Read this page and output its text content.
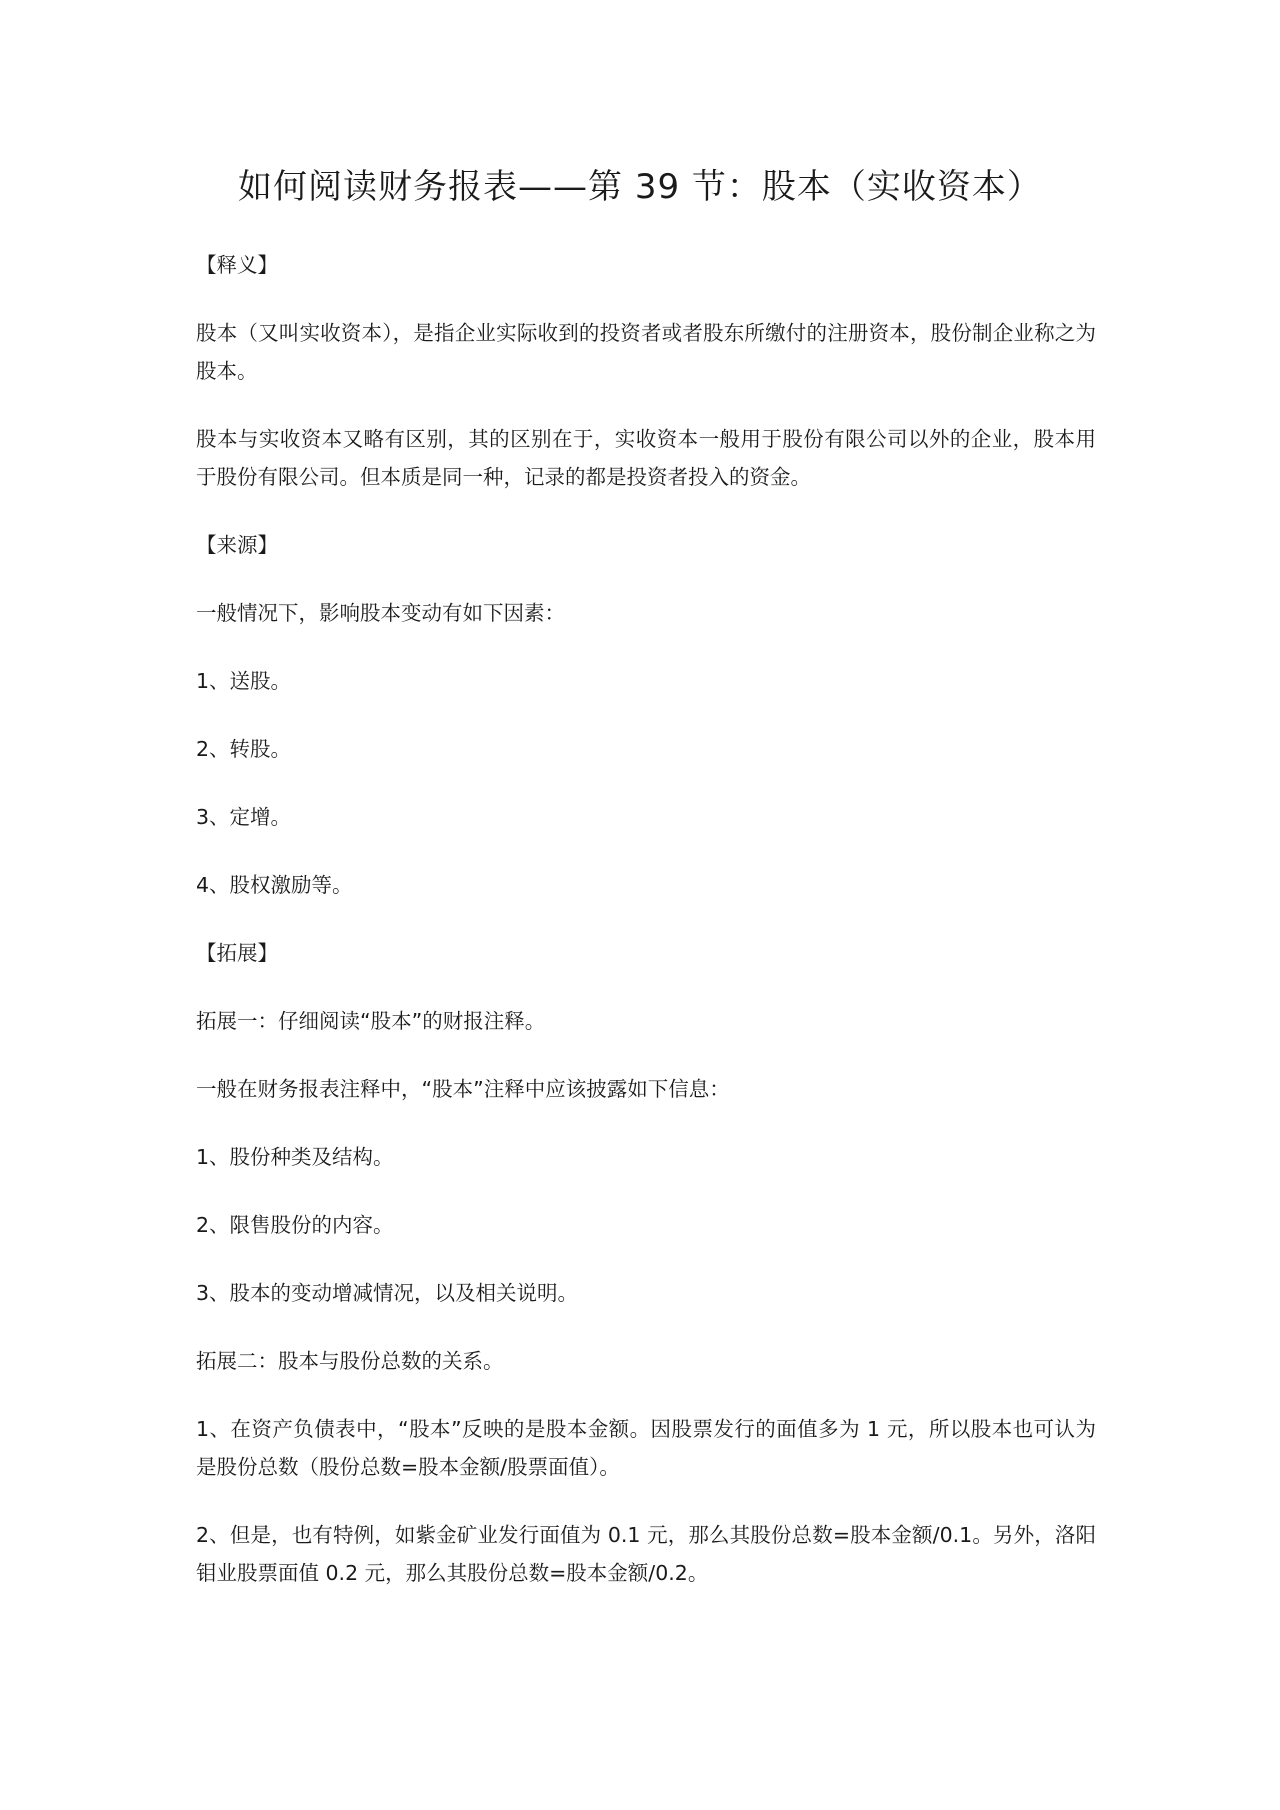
如何阅读财务报表——第 39 节：股本（实收资本）
【释义】
股本（又叫实收资本），是指企业实际收到的投资者或者股东所缴付的注册资本，股份制企业称之为股本。
股本与实收资本又略有区别，其的区别在于，实收资本一般用于股份有限公司以外的企业，股本用于股份有限公司。但本质是同一种，记录的都是投资者投入的资金。
【来源】
一般情况下，影响股本变动有如下因素：
1、送股。
2、转股。
3、定增。
4、股权激励等。
【拓展】
拓展一：仔细阅读“股本”的财报注释。
一般在财务报表注释中，“股本”注释中应该披露如下信息：
1、股份种类及结构。
2、限售股份的内容。
3、股本的变动增减情况，以及相关说明。
拓展二：股本与股份总数的关系。
1、在资产负债表中，“股本”反映的是股本金额。因股票发行的面值多为 1 元，所以股本也可认为是股份总数（股份总数=股本金额/股票面值）。
2、但是，也有特例，如紫金矿业发行面值为 0.1 元，那么其股份总数=股本金额/0.1。另外，洛阳钼业股票面值 0.2 元，那么其股份总数=股本金额/0.2。
